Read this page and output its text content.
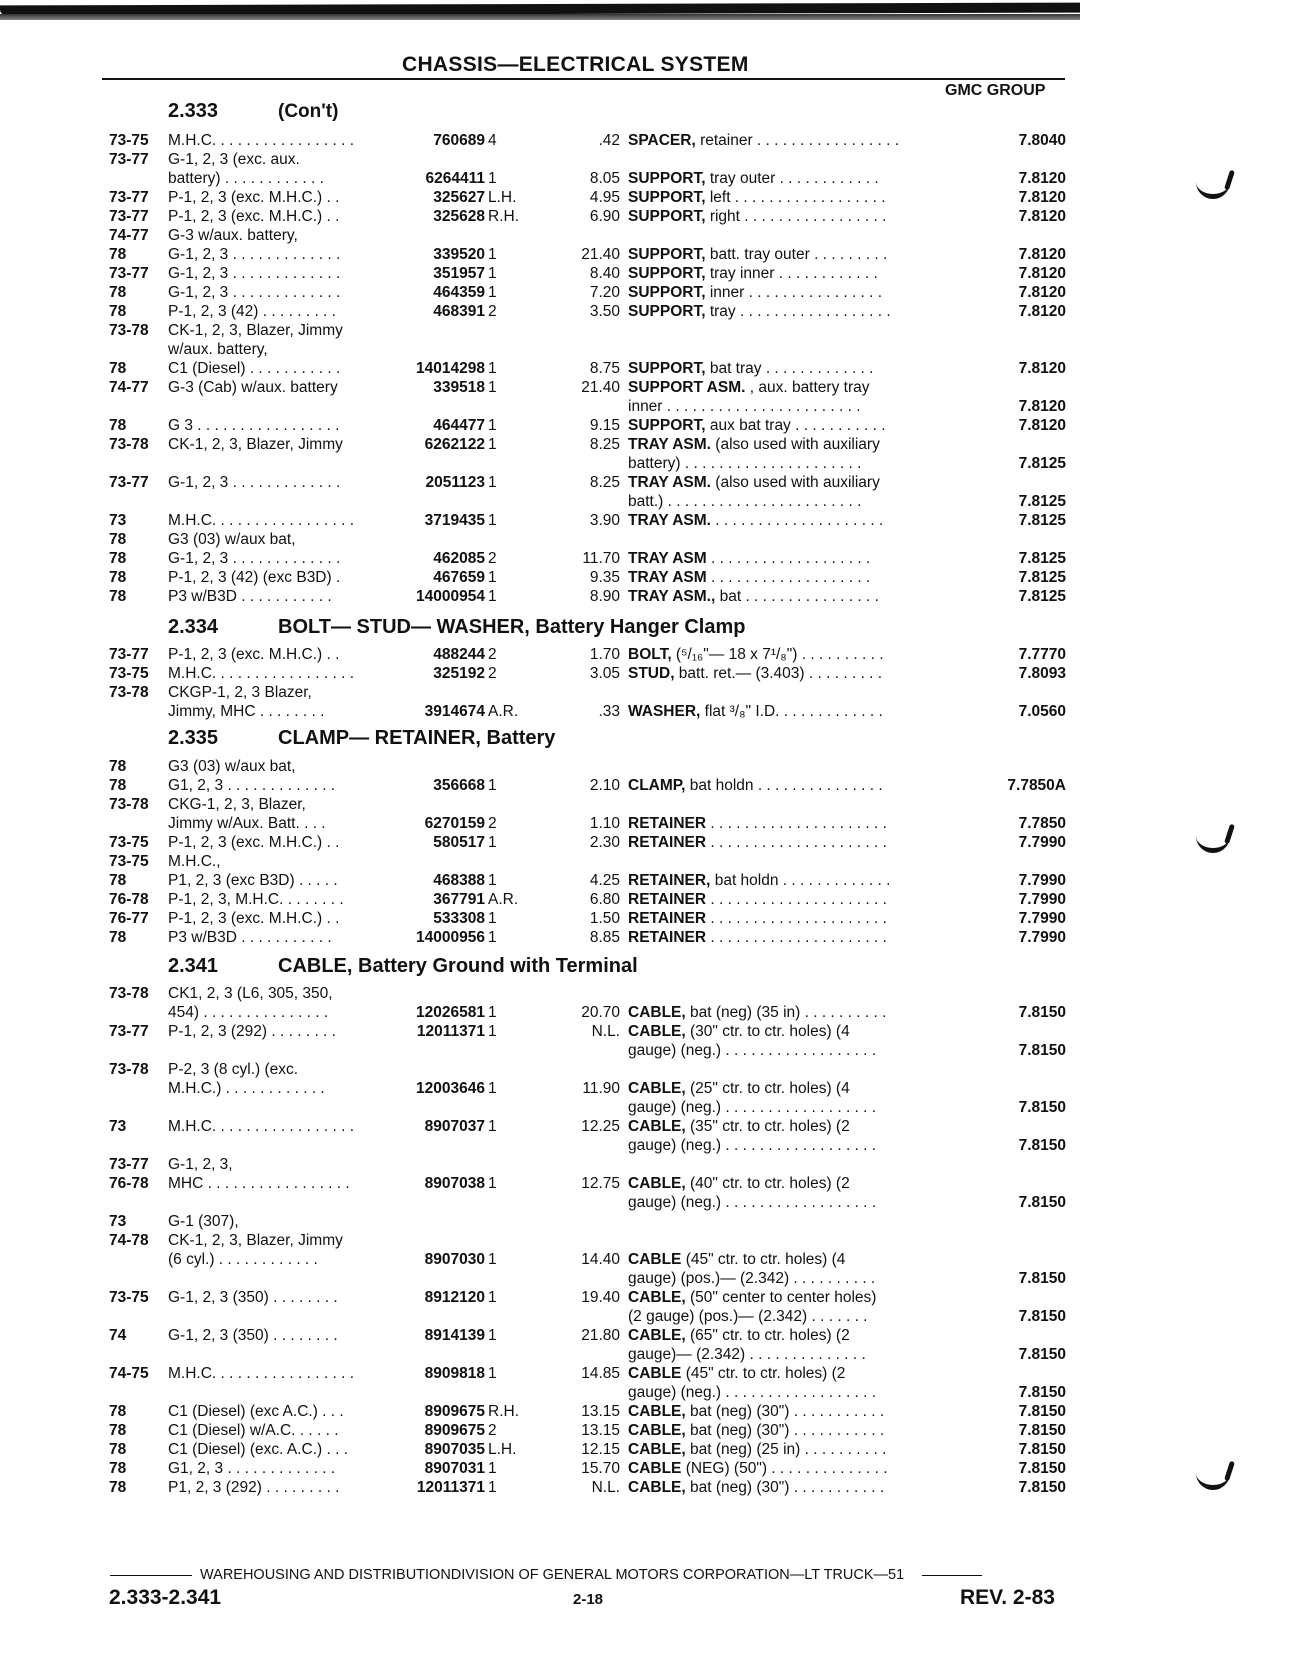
CHASSIS—ELECTRICAL SYSTEM
GMC GROUP
2.333	(Con't)
2.334	BOLT— STUD— WASHER, Battery Hanger Clamp
2.335	CLAMP— RETAINER, Battery
2.341	CABLE, Battery Ground with Terminal
73-75 M.H.C. . . . . . . . . . . . . . . . .	760689 4	.42 SPACER, retainer . . . . . . . . . . . . . . . . .	7.8040
73-77 G-1, 2, 3 (exc. aux.
battery) . . . . . . . . . . . .	6264411 1	8.05 SUPPORT, tray outer . . . . . . . . . . . .	7.8120
73-77 P-1, 2, 3 (exc. M.H.C.) . .	325627 L.H.	4.95 SUPPORT, left . . . . . . . . . . . . . . . . . .	7.8120
73-77 P-1, 2, 3 (exc. M.H.C.) . .	325628 R.H.	6.90 SUPPORT, right . . . . . . . . . . . . . . . . .	7.8120
74-77 G-3 w/aux. battery,
78	G-1, 2, 3 . . . . . . . . . . . . .	339520 1	21.40 SUPPORT, batt. tray outer . . . . . . . . .	7.8120
73-77 G-1, 2, 3 . . . . . . . . . . . . .	351957 1	8.40 SUPPORT, tray inner . . . . . . . . . . . .	7.8120
78	G-1, 2, 3 . . . . . . . . . . . . .	464359 1	7.20 SUPPORT, inner . . . . . . . . . . . . . . . .	7.8120
78	P-1, 2, 3 (42) . . . . . . . . .	468391 2	3.50 SUPPORT, tray . . . . . . . . . . . . . . . . . .	7.8120
73-78 CK-1, 2, 3, Blazer, Jimmy
w/aux. battery,
78	C1 (Diesel) . . . . . . . . . . .	14014298 1	8.75 SUPPORT, bat tray . . . . . . . . . . . . .	7.8120
74-77 G-3 (Cab) w/aux. battery	339518 1	21.40 SUPPORT ASM. , aux. battery tray
inner . . . . . . . . . . . . . . . . . . . . . . .	7.8120
78	G 3 . . . . . . . . . . . . . . . . .	464477 1	9.15 SUPPORT, aux bat tray . . . . . . . . . . .	7.8120
73-78 CK-1, 2, 3, Blazer, Jimmy	6262122 1	8.25 TRAY ASM. (also used with auxiliary
battery) . . . . . . . . . . . . . . . . . . . . .	7.8125
73-77 G-1, 2, 3 . . . . . . . . . . . . .	2051123 1	8.25 TRAY ASM. (also used with auxiliary
batt.) . . . . . . . . . . . . . . . . . . . . . . .	7.8125
73	M.H.C. . . . . . . . . . . . . . . . .	3719435 1	3.90 TRAY ASM. . . . . . . . . . . . . . . . . . . . .	7.8125
78	G3 (03) w/aux bat,
78	G-1, 2, 3 . . . . . . . . . . . . .	462085 2	11.70 TRAY ASM . . . . . . . . . . . . . . . . . . .	7.8125
78	P-1, 2, 3 (42) (exc B3D) .	467659 1	9.35 TRAY ASM . . . . . . . . . . . . . . . . . . .	7.8125
78	P3 w/B3D . . . . . . . . . . .	14000954 1	8.90 TRAY ASM., bat . . . . . . . . . . . . . . . .	7.8125
73-77 P-1, 2, 3 (exc. M.H.C.) . .	488244 2	1.70 BOLT, (⁵/₁₆"— 18 x 7¹/₈") . . . . . . . . . .	7.7770
73-75 M.H.C. . . . . . . . . . . . . . . . .	325192 2	3.05 STUD, batt. ret.— (3.403) . . . . . . . . .	7.8093
73-78 CKGP-1, 2, 3 Blazer,
Jimmy, MHC . . . . . . . .	3914674 A.R.	.33 WASHER, flat ³/₈" I.D. . . . . . . . . . . . .	7.0560
78	G3 (03) w/aux bat,
78	G1, 2, 3 . . . . . . . . . . . . .	356668 1	2.10 CLAMP, bat holdn . . . . . . . . . . . . . . .	7.7850A
73-78 CKG-1, 2, 3, Blazer,
Jimmy w/Aux. Batt. . . .	6270159 2	1.10 RETAINER . . . . . . . . . . . . . . . . . . . . .	7.7850
73-75 P-1, 2, 3 (exc. M.H.C.) . .	580517 1	2.30 RETAINER . . . . . . . . . . . . . . . . . . . . .	7.7990
73-75 M.H.C.,
78	P1, 2, 3 (exc B3D) . . . . .	468388 1	4.25 RETAINER, bat holdn . . . . . . . . . . . . .	7.7990
76-78 P-1, 2, 3, M.H.C. . . . . . . .	367791 A.R.	6.80 RETAINER . . . . . . . . . . . . . . . . . . . . .	7.7990
76-77 P-1, 2, 3 (exc. M.H.C.) . .	533308 1	1.50 RETAINER . . . . . . . . . . . . . . . . . . . . .	7.7990
78	P3 w/B3D . . . . . . . . . . .	14000956 1	8.85 RETAINER . . . . . . . . . . . . . . . . . . . . .	7.7990
73-78 CK1, 2, 3 (L6, 305, 350,
454) . . . . . . . . . . . . . . .	12026581 1	20.70 CABLE, bat (neg) (35 in) . . . . . . . . . .	7.8150
73-77 P-1, 2, 3 (292) . . . . . . . .	12011371 1	N.L. CABLE, (30" ctr. to ctr. holes) (4
gauge) (neg.) . . . . . . . . . . . . . . . . . .	7.8150
73-78 P-2, 3 (8 cyl.) (exc.
M.H.C.) . . . . . . . . . . . .	12003646 1	11.90 CABLE, (25" ctr. to ctr. holes) (4
gauge) (neg.) . . . . . . . . . . . . . . . . . .	7.8150
73	M.H.C. . . . . . . . . . . . . . . . .	8907037 1	12.25 CABLE, (35" ctr. to ctr. holes) (2
gauge) (neg.) . . . . . . . . . . . . . . . . . .	7.8150
73-77 G-1, 2, 3,
76-78 MHC . . . . . . . . . . . . . . . . .	8907038 1	12.75 CABLE, (40" ctr. to ctr. holes) (2
gauge) (neg.) . . . . . . . . . . . . . . . . . .	7.8150
73	G-1 (307),
74-78 CK-1, 2, 3, Blazer, Jimmy
(6 cyl.) . . . . . . . . . . . .	8907030 1	14.40 CABLE (45" ctr. to ctr. holes) (4
gauge) (pos.)— (2.342) . . . . . . . . . .	7.8150
73-75 G-1, 2, 3 (350) . . . . . . . .	8912120 1	19.40 CABLE, (50" center to center holes)
(2 gauge) (pos.)— (2.342) . . . . . . .	7.8150
74	G-1, 2, 3 (350) . . . . . . . .	8914139 1	21.80 CABLE, (65" ctr. to ctr. holes) (2
gauge)— (2.342) . . . . . . . . . . . . . .	7.8150
74-75 M.H.C. . . . . . . . . . . . . . . . .	8909818 1	14.85 CABLE (45" ctr. to ctr. holes) (2
gauge) (neg.) . . . . . . . . . . . . . . . . . .	7.8150
78	C1 (Diesel) (exc A.C.) . . .	8909675 R.H.	13.15 CABLE, bat (neg) (30") . . . . . . . . . . .	7.8150
78	C1 (Diesel) w/A.C. . . . . .	8909675 2	13.15 CABLE, bat (neg) (30") . . . . . . . . . . .	7.8150
78	C1 (Diesel) (exc. A.C.) . . .	8907035 L.H.	12.15 CABLE, bat (neg) (25 in) . . . . . . . . . .	7.8150
78	G1, 2, 3 . . . . . . . . . . . . .	8907031 1	15.70 CABLE (NEG) (50") . . . . . . . . . . . . . .	7.8150
78	P1, 2, 3 (292) . . . . . . . . .	12011371 1	N.L. CABLE, bat (neg) (30") . . . . . . . . . . .	7.8150
WAREHOUSING AND DISTRIBUTIONDIVISION OF GENERAL MOTORS CORPORATION—LT TRUCK—51
2.333-2.341	2-18	REV. 2-83
